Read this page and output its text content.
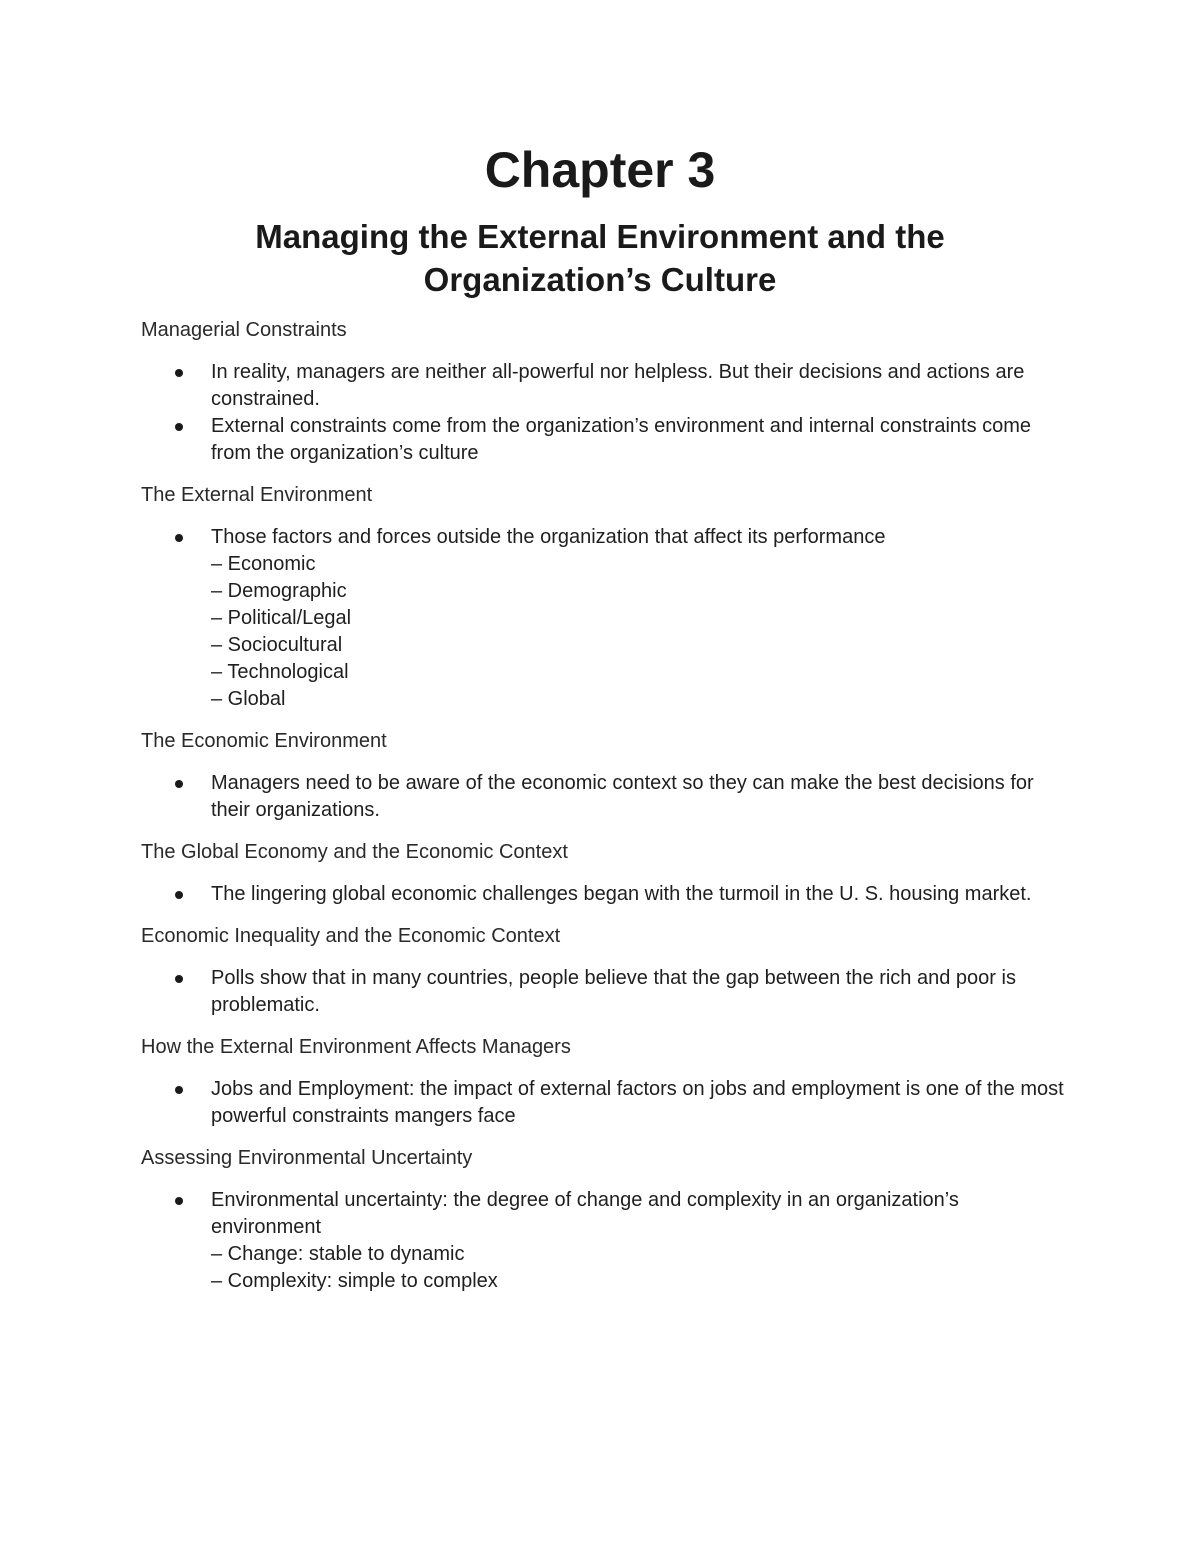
Chapter 3
Managing the External Environment and the
Organization’s Culture

Managerial Constraints

In reality, managers are neither all-powerful nor helpless. But their decisions and actions are constrained.
External constraints come from the organization’s environment and internal constraints come from the organization’s culture

The External Environment

Those factors and forces outside the organization that affect its performance
– Economic
– Demographic
– Political/Legal
– Sociocultural
– Technological
– Global

The Economic Environment

Managers need to be aware of the economic context so they can make the best decisions for their organizations.

The Global Economy and the Economic Context

The lingering global economic challenges began with the turmoil in the U. S. housing market.

Economic Inequality and the Economic Context

Polls show that in many countries, people believe that the gap between the rich and poor is problematic.

How the External Environment Affects Managers

Jobs and Employment: the impact of external factors on jobs and employment is one of the most powerful constraints mangers face

Assessing Environmental Uncertainty

Environmental uncertainty: the degree of change and complexity in an organization’s environment
– Change: stable to dynamic
– Complexity: simple to complex
